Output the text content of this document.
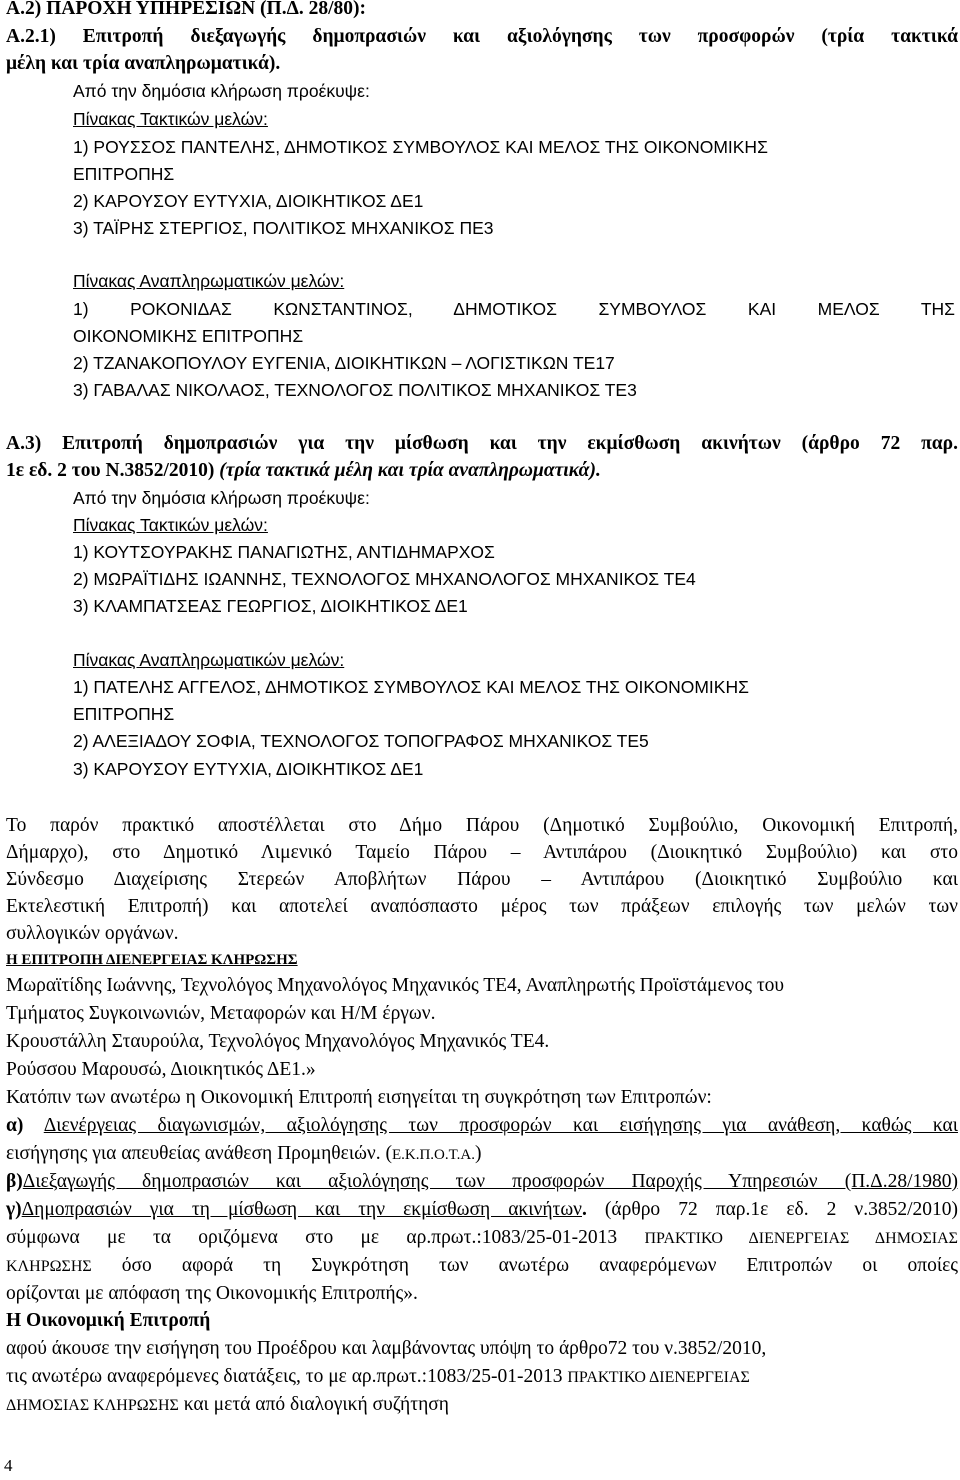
Α.2) ΠΑΡΟΧΗ ΥΠΗΡΕΣΙΩΝ (Π.Δ. 28/80):
Α.2.1) Επιτροπή διεξαγωγής δημοπρασιών και αξιολόγησης των προσφορών (τρία τακτικά
μέλη και τρία αναπληρωματικά).
Από την δημόσια κλήρωση προέκυψε:
Πίνακας Τακτικών μελών:
1) ΡΟΥΣΣΟΣ ΠΑΝΤΕΛΗΣ, ΔΗΜΟΤΙΚΟΣ ΣΥΜΒΟΥΛΟΣ ΚΑΙ ΜΕΛΟΣ ΤΗΣ ΟΙΚΟΝΟΜΙΚΗΣ
ΕΠΙΤΡΟΠΗΣ
2) ΚΑΡΟΥΣΟΥ ΕΥΤΥΧΙΑ, ΔΙΟΙΚΗΤΙΚΟΣ ΔΕ1
3) ΤΑΪΡΗΣ ΣΤΕΡΓΙΟΣ, ΠΟΛΙΤΙΚΟΣ ΜΗΧΑΝΙΚΟΣ ΠΕ3
Πίνακας Αναπληρωματικών μελών:
1) ΡΟΚΟΝΙΔΑΣ ΚΩΝΣΤΑΝΤΙΝΟΣ, ΔΗΜΟΤΙΚΟΣ ΣΥΜΒΟΥΛΟΣ ΚΑΙ ΜΕΛΟΣ ΤΗΣ
ΟΙΚΟΝΟΜΙΚΗΣ ΕΠΙΤΡΟΠΗΣ
2) ΤΖΑΝΑΚΟΠΟΥΛΟΥ ΕΥΓΕΝΙΑ, ΔΙΟΙΚΗΤΙΚΩΝ – ΛΟΓΙΣΤΙΚΩΝ ΤΕ17
3) ΓΑΒΑΛΑΣ ΝΙΚΟΛΑΟΣ, ΤΕΧΝΟΛΟΓΟΣ ΠΟΛΙΤΙΚΟΣ ΜΗΧΑΝΙΚΟΣ ΤΕ3
Α.3) Επιτροπή δημοπρασιών για την μίσθωση και την εκμίσθωση ακινήτων (άρθρο 72 παρ.
1ε εδ. 2 του Ν.3852/2010) (τρία τακτικά μέλη και τρία αναπληρωματικά).
Από την δημόσια κλήρωση προέκυψε:
Πίνακας Τακτικών μελών:
1) ΚΟΥΤΣΟΥΡΑΚΗΣ ΠΑΝΑΓΙΩΤΗΣ, ΑΝΤΙΔΗΜΑΡΧΟΣ
2) ΜΩΡΑΪΤΙΔΗΣ ΙΩΑΝΝΗΣ, ΤΕΧΝΟΛΟΓΟΣ ΜΗΧΑΝΟΛΟΓΟΣ ΜΗΧΑΝΙΚΟΣ ΤΕ4
3) ΚΛΑΜΠΑΤΣΕΑΣ ΓΕΩΡΓΙΟΣ, ΔΙΟΙΚΗΤΙΚΟΣ ΔΕ1
Πίνακας Αναπληρωματικών μελών:
1) ΠΑΤΕΛΗΣ ΑΓΓΕΛΟΣ, ΔΗΜΟΤΙΚΟΣ ΣΥΜΒΟΥΛΟΣ ΚΑΙ ΜΕΛΟΣ ΤΗΣ ΟΙΚΟΝΟΜΙΚΗΣ
ΕΠΙΤΡΟΠΗΣ
2) ΑΛΕΞΙΑΔΟΥ ΣΟΦΙΑ, ΤΕΧΝΟΛΟΓΟΣ ΤΟΠΟΓΡΑΦΟΣ ΜΗΧΑΝΙΚΟΣ ΤΕ5
3) ΚΑΡΟΥΣΟΥ ΕΥΤΥΧΙΑ, ΔΙΟΙΚΗΤΙΚΟΣ ΔΕ1
Το παρόν πρακτικό αποστέλλεται στο Δήμο Πάρου (Δημοτικό Συμβούλιο, Οικονομική Επιτροπή,
Δήμαρχο), στο Δημοτικό Λιμενικό Ταμείο Πάρου – Αντιπάρου (Διοικητικό Συμβούλιο) και στο
Σύνδεσμο Διαχείρισης Στερεών Αποβλήτων Πάρου – Αντιπάρου (Διοικητικό Συμβούλιο και
Εκτελεστική Επιτροπή) και αποτελεί αναπόσπαστο μέρος των πράξεων επιλογής των μελών των
συλλογικών οργάνων.
Η ΕΠΙΤΡΟΠΗ ΔΙΕΝΕΡΓΕΙΑΣ ΚΛΗΡΩΣΗΣ
Μωραϊτίδης Ιωάννης, Τεχνολόγος Μηχανολόγος Μηχανικός ΤΕ4, Αναπληρωτής Προϊστάμενος του
Τμήματος Συγκοινωνιών, Μεταφορών και Η/Μ έργων.
Κρουστάλλη Σταυρούλα, Τεχνολόγος Μηχανολόγος Μηχανικός ΤΕ4.
Ρούσσου Μαρουσώ, Διοικητικός ΔΕ1.»
Κατόπιν των ανωτέρω η Οικονομική Επιτροπή εισηγείται τη συγκρότηση των Επιτροπών:
α) Διενέργειας διαγωνισμών, αξιολόγησης των προσφορών και εισήγησης για ανάθεση, καθώς και
εισήγησης για απευθείας ανάθεση Προμηθειών. (Ε.Κ.Π.Ο.Τ.Α.)
β)Διεξαγωγής δημοπρασιών και αξιολόγησης των προσφορών Παροχής Υπηρεσιών (Π.Δ.28/1980)
γ)Δημοπρασιών για τη μίσθωση και την εκμίσθωση ακινήτων. (άρθρο 72 παρ.1ε εδ. 2 ν.3852/2010)
σύμφωνα με τα οριζόμενα στο με αρ.πρωτ.:1083/25-01-2013 ΠΡΑΚΤΙΚΟ ΔΙΕΝΕΡΓΕΙΑΣ ΔΗΜΟΣΙΑΣ
ΚΛΗΡΩΣΗΣ όσο αφορά τη Συγκρότηση των ανωτέρω αναφερόμενων Επιτροπών οι οποίες
ορίζονται με απόφαση της Οικονομικής Επιτροπής».
Η Οικονομική Επιτροπή
αφού άκουσε την εισήγηση του Προέδρου και λαμβάνοντας υπόψη το άρθρο72 του ν.3852/2010,
τις ανωτέρω αναφερόμενες διατάξεις, το με αρ.πρωτ.:1083/25-01-2013 ΠΡΑΚΤΙΚΟ ΔΙΕΝΕΡΓΕΙΑΣ
ΔΗΜΟΣΙΑΣ ΚΛΗΡΩΣΗΣ και μετά από διαλογική συζήτηση
4
